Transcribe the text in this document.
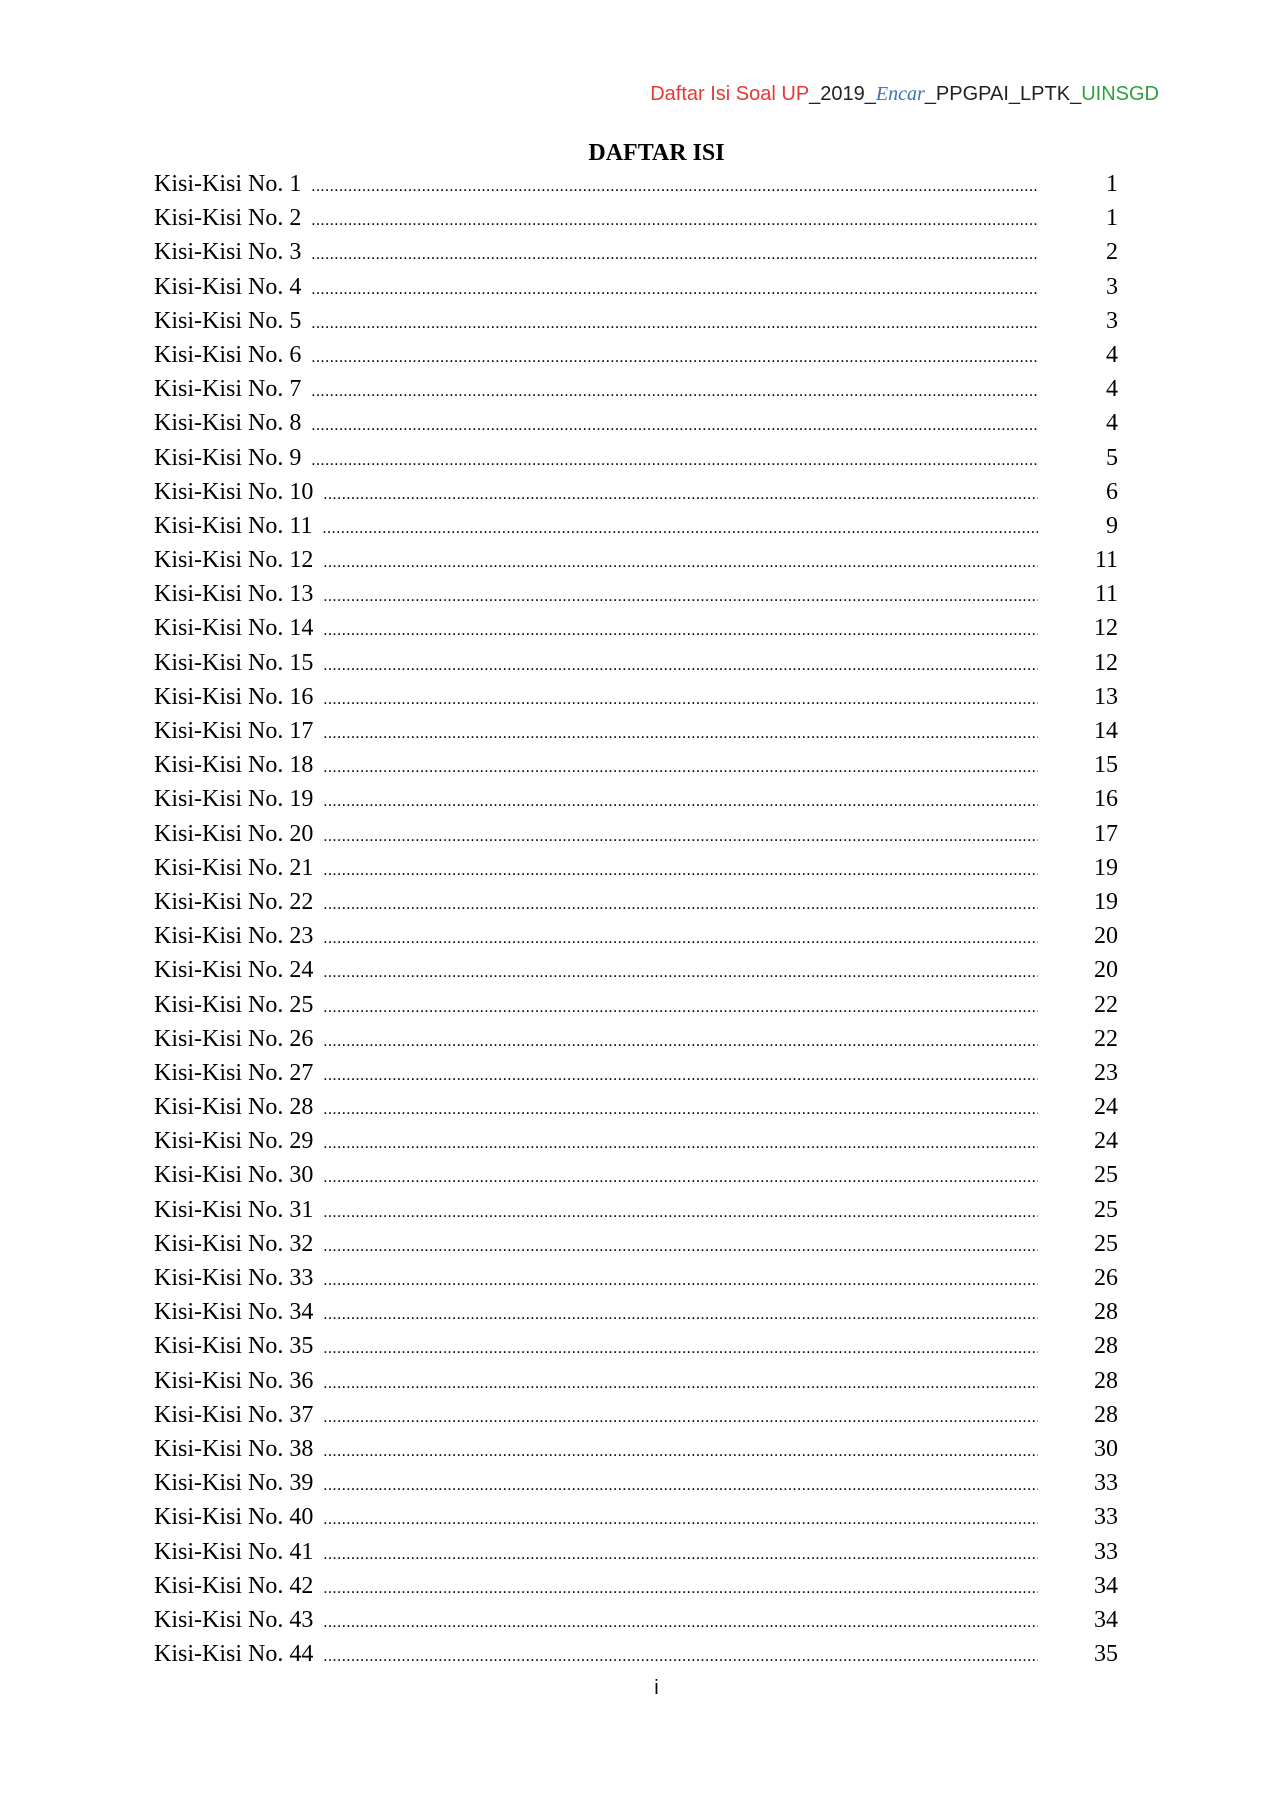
Daftar Isi Soal UP_2019_Encar_PPGPAI_LPTK_UINSGD
DAFTAR ISI
Kisi-Kisi No. 1 .....	1
Kisi-Kisi No. 2 .....	1
Kisi-Kisi No. 3 .....	2
Kisi-Kisi No. 4 .....	3
Kisi-Kisi No. 5 .....	3
Kisi-Kisi No. 6 .....	4
Kisi-Kisi No. 7 .....	4
Kisi-Kisi No. 8 .....	4
Kisi-Kisi No. 9 .....	5
Kisi-Kisi No. 10 .....	6
Kisi-Kisi No. 11 .....	9
Kisi-Kisi No. 12 .....	11
Kisi-Kisi No. 13 .....	11
Kisi-Kisi No. 14 .....	12
Kisi-Kisi No. 15 .....	12
Kisi-Kisi No. 16 .....	13
Kisi-Kisi No. 17 .....	14
Kisi-Kisi No. 18 .....	15
Kisi-Kisi No. 19 .....	16
Kisi-Kisi No. 20 .....	17
Kisi-Kisi No. 21 .....	19
Kisi-Kisi No. 22 .....	19
Kisi-Kisi No. 23 .....	20
Kisi-Kisi No. 24 .....	20
Kisi-Kisi No. 25 .....	22
Kisi-Kisi No. 26 .....	22
Kisi-Kisi No. 27 .....	23
Kisi-Kisi No. 28 .....	24
Kisi-Kisi No. 29 .....	24
Kisi-Kisi No. 30 .....	25
Kisi-Kisi No. 31 .....	25
Kisi-Kisi No. 32 .....	25
Kisi-Kisi No. 33 .....	26
Kisi-Kisi No. 34 .....	28
Kisi-Kisi No. 35 .....	28
Kisi-Kisi No. 36 .....	28
Kisi-Kisi No. 37 .....	28
Kisi-Kisi No. 38 .....	30
Kisi-Kisi No. 39 .....	33
Kisi-Kisi No. 40 .....	33
Kisi-Kisi No. 41 .....	33
Kisi-Kisi No. 42 .....	34
Kisi-Kisi No. 43 .....	34
Kisi-Kisi No. 44 .....	35
i
